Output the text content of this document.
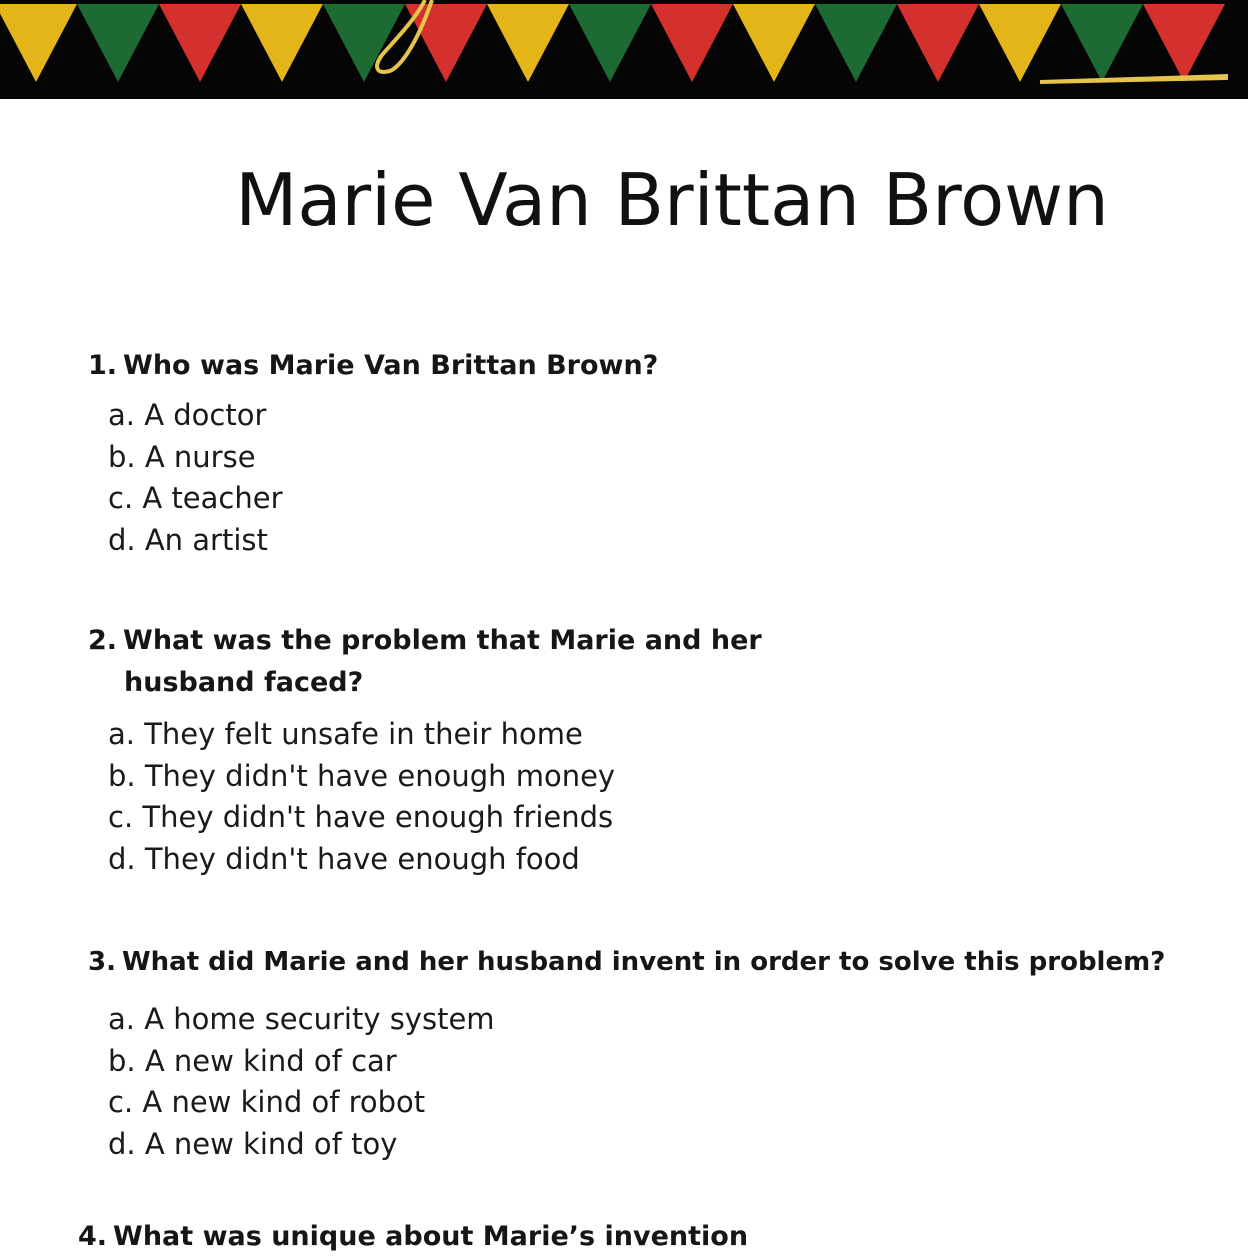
Marie Van Brittan Brown
1. Who was Marie Van Brittan Brown?
a. A doctor
b. A nurse
c. A teacher
d. An artist
2. What was the problem that Marie and her
husband faced?
a. They felt unsafe in their home
b. They didn't have enough money
c. They didn't have enough friends
d. They didn't have enough food
3. What did Marie and her husband invent in order to solve this problem?
a. A home security system
b. A new kind of car
c. A new kind of robot
d. A new kind of toy
4. What was unique about Marie’s invention
